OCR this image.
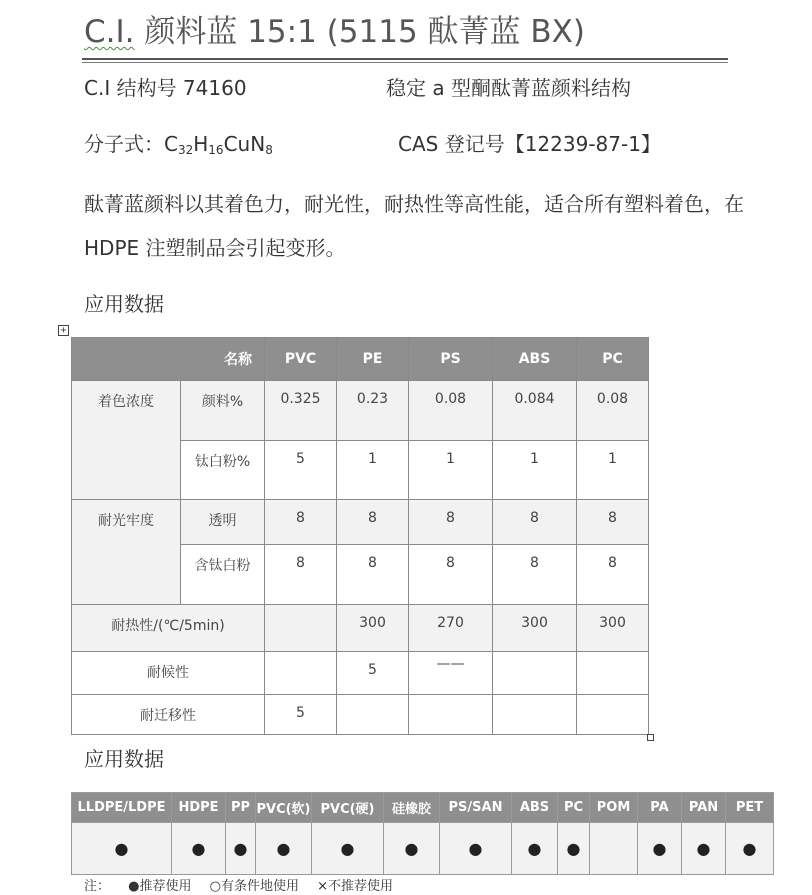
C.I. 颜料蓝 15:1 (5115 酞菁蓝 BX)
C.I 结构号 74160	稳定 a 型酮酞菁蓝颜料结构
分子式：$C_{32}H_{16}CuN_8$	CAS 登记号【12239-87-1】
酞菁蓝颜料以其着色力，耐光性，耐热性等高性能，适合所有塑料着色，在 HDPE 注塑制品会引起变形。
应用数据
+
名称		PVC	PE	PS	ABS	PC
着色浓度	颜料%	0.325	0.23	0.08	0.084	0.08
	钛白粉%	5	1	1	1	1
耐光牢度	透明	8	8	8	8	8
	含钛白粉	8	8	8	8	8
耐热性/(℃/5min)			300	270	300	300
耐候性			5	——		
耐迁移性		5				
应用数据
LLDPE/LDPE	HDPE	PP	PVC(软)	PVC(硬)	硅橡胶	PS/SAN	ABS	PC	POM	PA	PAN	PET
●	●	●	●	●	●	●	●	●		●	●	●
注： ●推荐使用 ○有条件地使用 ×不推荐使用
